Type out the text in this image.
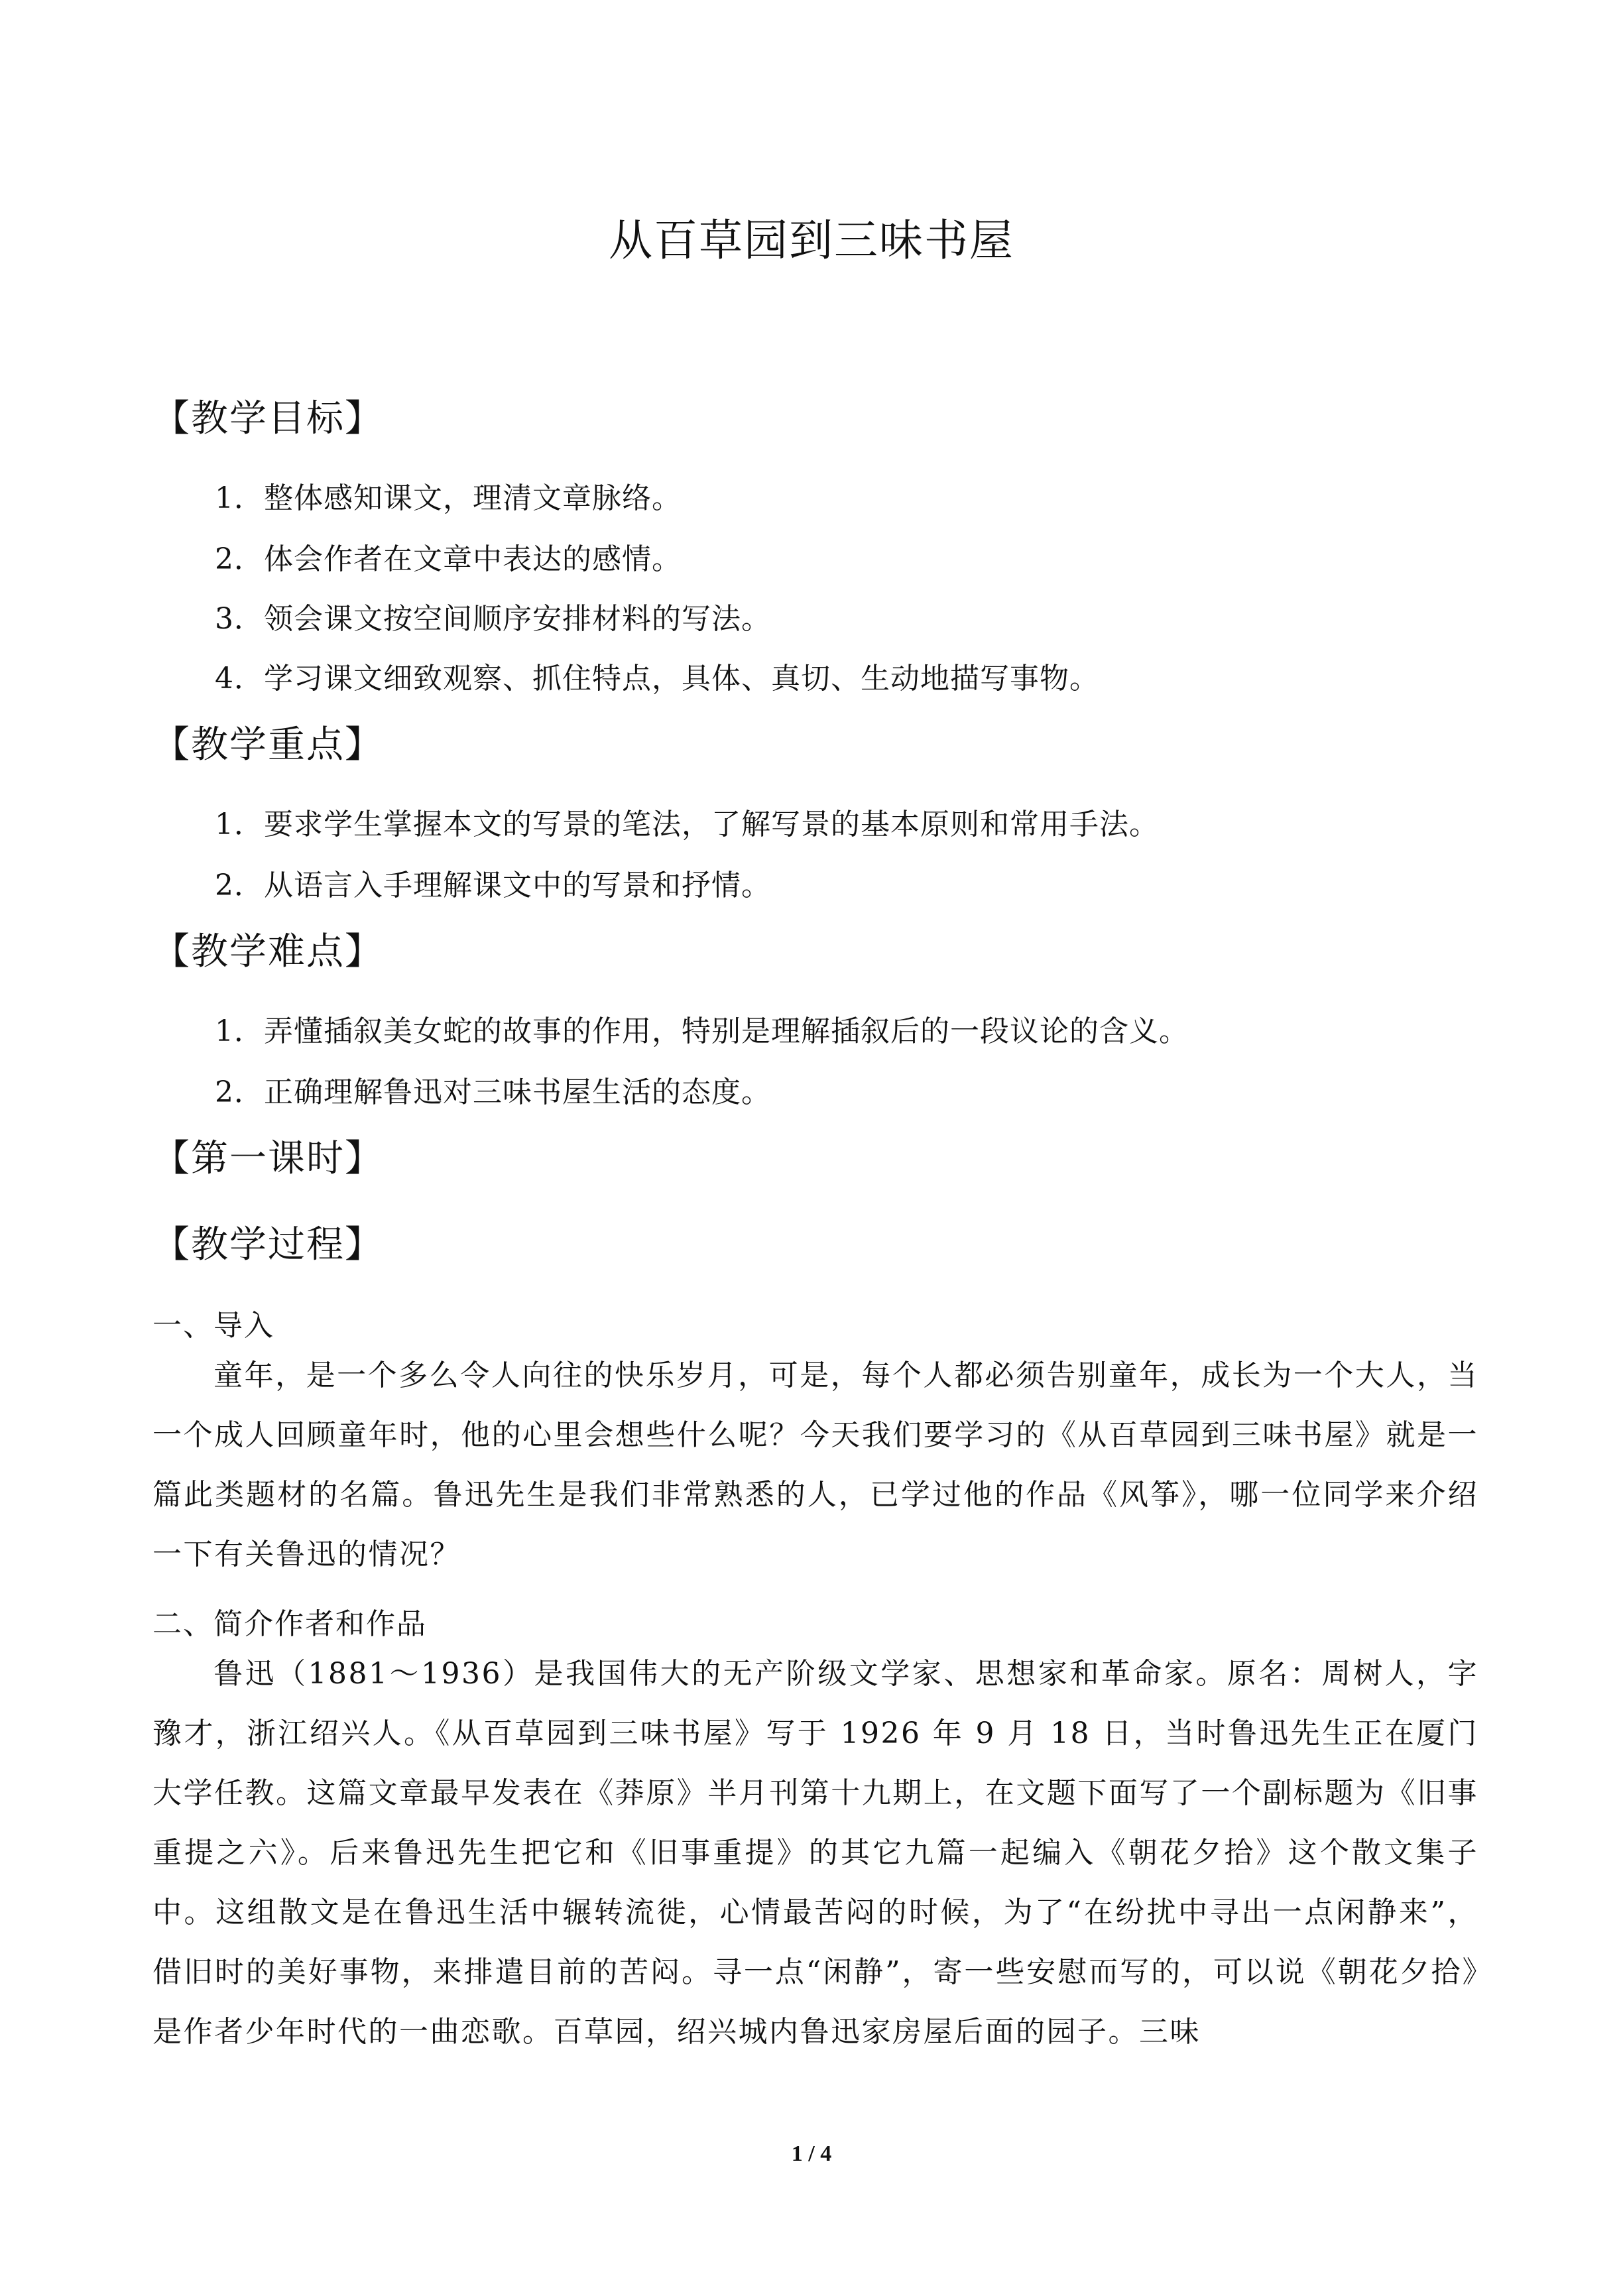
从百草园到三味书屋
【教学目标】
1．整体感知课文，理清文章脉络。
2．体会作者在文章中表达的感情。
3．领会课文按空间顺序安排材料的写法。
4．学习课文细致观察、抓住特点，具体、真切、生动地描写事物。
【教学重点】
1．要求学生掌握本文的写景的笔法，了解写景的基本原则和常用手法。
2．从语言入手理解课文中的写景和抒情。
【教学难点】
1．弄懂插叙美女蛇的故事的作用，特别是理解插叙后的一段议论的含义。
2．正确理解鲁迅对三味书屋生活的态度。
【第一课时】
【教学过程】
一、导入

童年，是一个多么令人向往的快乐岁月，可是，每个人都必须告别童年，成长为一个大人，当一个成人回顾童年时，他的心里会想些什么呢？今天我们要学习的《从百草园到三味书屋》就是一篇此类题材的名篇。鲁迅先生是我们非常熟悉的人，已学过他的作品《风筝》，哪一位同学来介绍一下有关鲁迅的情况？

二、简介作者和作品

鲁迅（1881～1936）是我国伟大的无产阶级文学家、思想家和革命家。原名：周树人，字豫才，浙江绍兴人。《从百草园到三味书屋》写于 1926 年 9 月 18 日，当时鲁迅先生正在厦门大学任教。这篇文章最早发表在《莽原》半月刊第十九期上，在文题下面写了一个副标题为《旧事重提之六》。后来鲁迅先生把它和《旧事重提》的其它九篇一起编入《朝花夕拾》这个散文集子中。这组散文是在鲁迅生活中辗转流徙，心情最苦闷的时候，为了“在纷扰中寻出一点闲静来”，借旧时的美好事物，来排遣目前的苦闷。寻一点“闲静”，寄一些安慰而写的，可以说《朝花夕拾》是作者少年时代的一曲恋歌。百草园，绍兴城内鲁迅家房屋后面的园子。三味

1 / 4
